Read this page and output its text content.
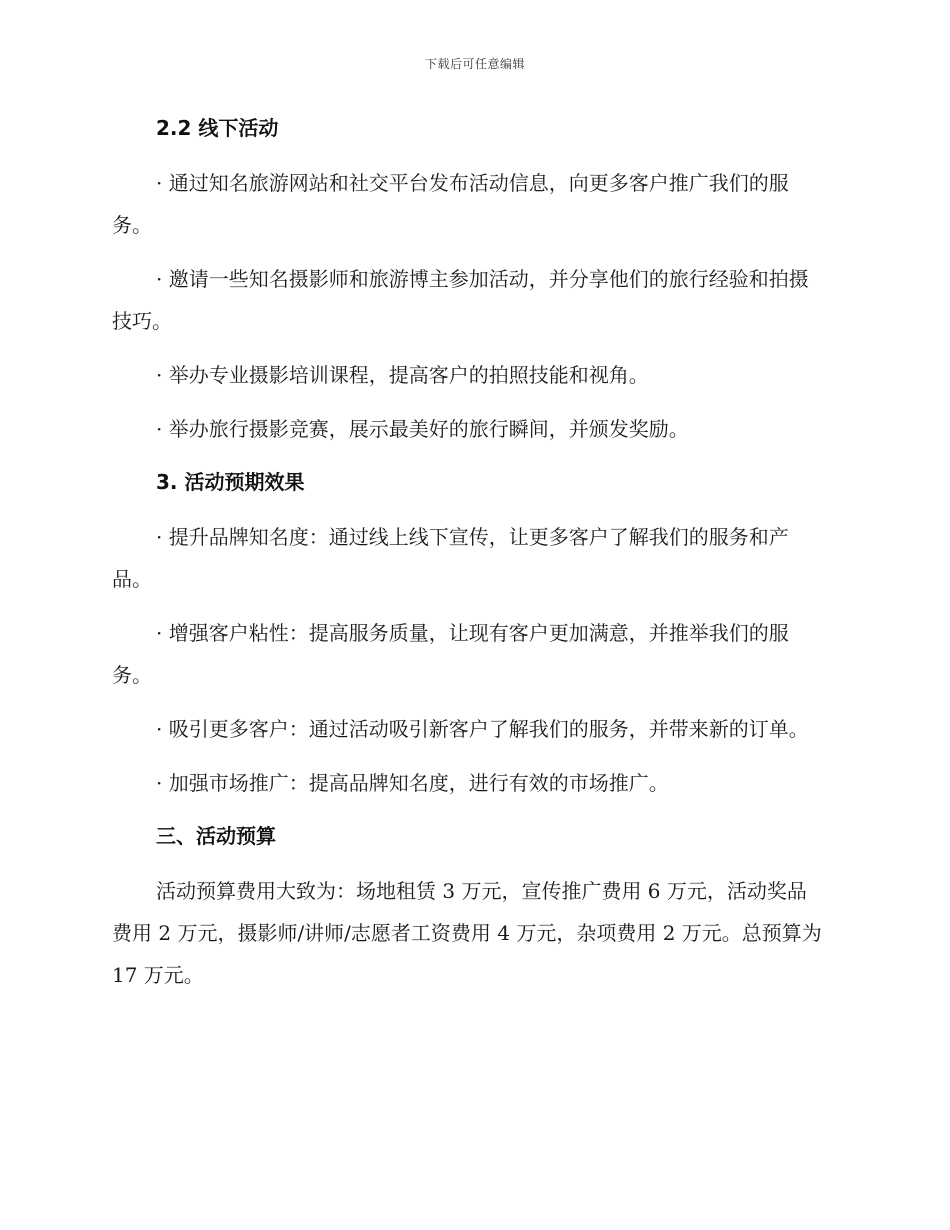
下载后可任意编辑
2.2 线下活动

· 通过知名旅游网站和社交平台发布活动信息，向更多客户推广我们的服务。

· 邀请一些知名摄影师和旅游博主参加活动，并分享他们的旅行经验和拍摄技巧。

· 举办专业摄影培训课程，提高客户的拍照技能和视角。

· 举办旅行摄影竞赛，展示最美好的旅行瞬间，并颁发奖励。

3. 活动预期效果

· 提升品牌知名度：通过线上线下宣传，让更多客户了解我们的服务和产品。

· 增强客户粘性：提高服务质量，让现有客户更加满意，并推举我们的服务。

· 吸引更多客户：通过活动吸引新客户了解我们的服务，并带来新的订单。

· 加强市场推广：提高品牌知名度，进行有效的市场推广。

三、活动预算

活动预算费用大致为：场地租赁 3 万元，宣传推广费用 6 万元，活动奖品费用 2 万元，摄影师/讲师/志愿者工资费用 4 万元，杂项费用 2 万元。总预算为 17 万元。
